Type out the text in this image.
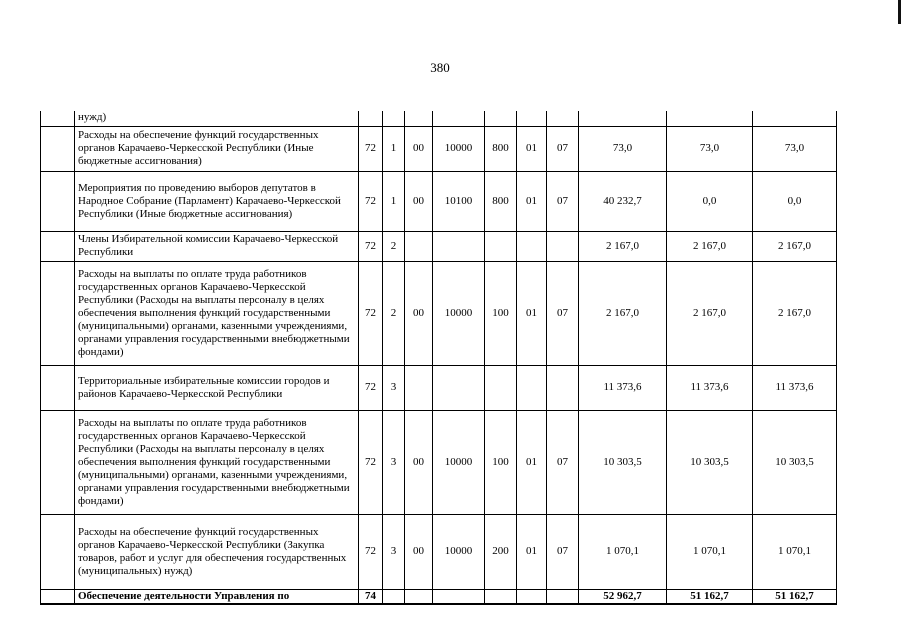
380
	нужд)										
	Расходы на обеспечение функций государственных органов Карачаево-Черкесской Республики (Иные бюджетные ассигнования)	72	1	00	10000	800	01	07	73,0	73,0	73,0
	Мероприятия по проведению выборов депутатов в Народное Собрание (Парламент) Карачаево-Черкесской Республики (Иные бюджетные ассигнования)	72	1	00	10100	800	01	07	40 232,7	0,0	0,0
	Члены Избирательной комиссии Карачаево-Черкесской Республики	72	2						2 167,0	2 167,0	2 167,0
	Расходы на выплаты по оплате труда работников государственных органов Карачаево-Черкесской Республики (Расходы на выплаты персоналу в целях обеспечения выполнения функций государственными (муниципальными) органами, казенными учреждениями, органами управления государственными внебюджетными фондами)	72	2	00	10000	100	01	07	2 167,0	2 167,0	2 167,0
	Территориальные избирательные комиссии городов и районов Карачаево-Черкесской Республики	72	3						11 373,6	11 373,6	11 373,6
	Расходы на выплаты по оплате труда работников государственных органов Карачаево-Черкесской Республики (Расходы на выплаты персоналу в целях обеспечения выполнения функций государственными (муниципальными) органами, казенными учреждениями, органами управления государственными внебюджетными фондами)	72	3	00	10000	100	01	07	10 303,5	10 303,5	10 303,5
	Расходы на обеспечение функций государственных органов Карачаево-Черкесской Республики (Закупка товаров, работ и услуг для обеспечения государственных (муниципальных) нужд)	72	3	00	10000	200	01	07	1 070,1	1 070,1	1 070,1
	Обеспечение деятельности Управления по	74							52 962,7	51 162,7	51 162,7
